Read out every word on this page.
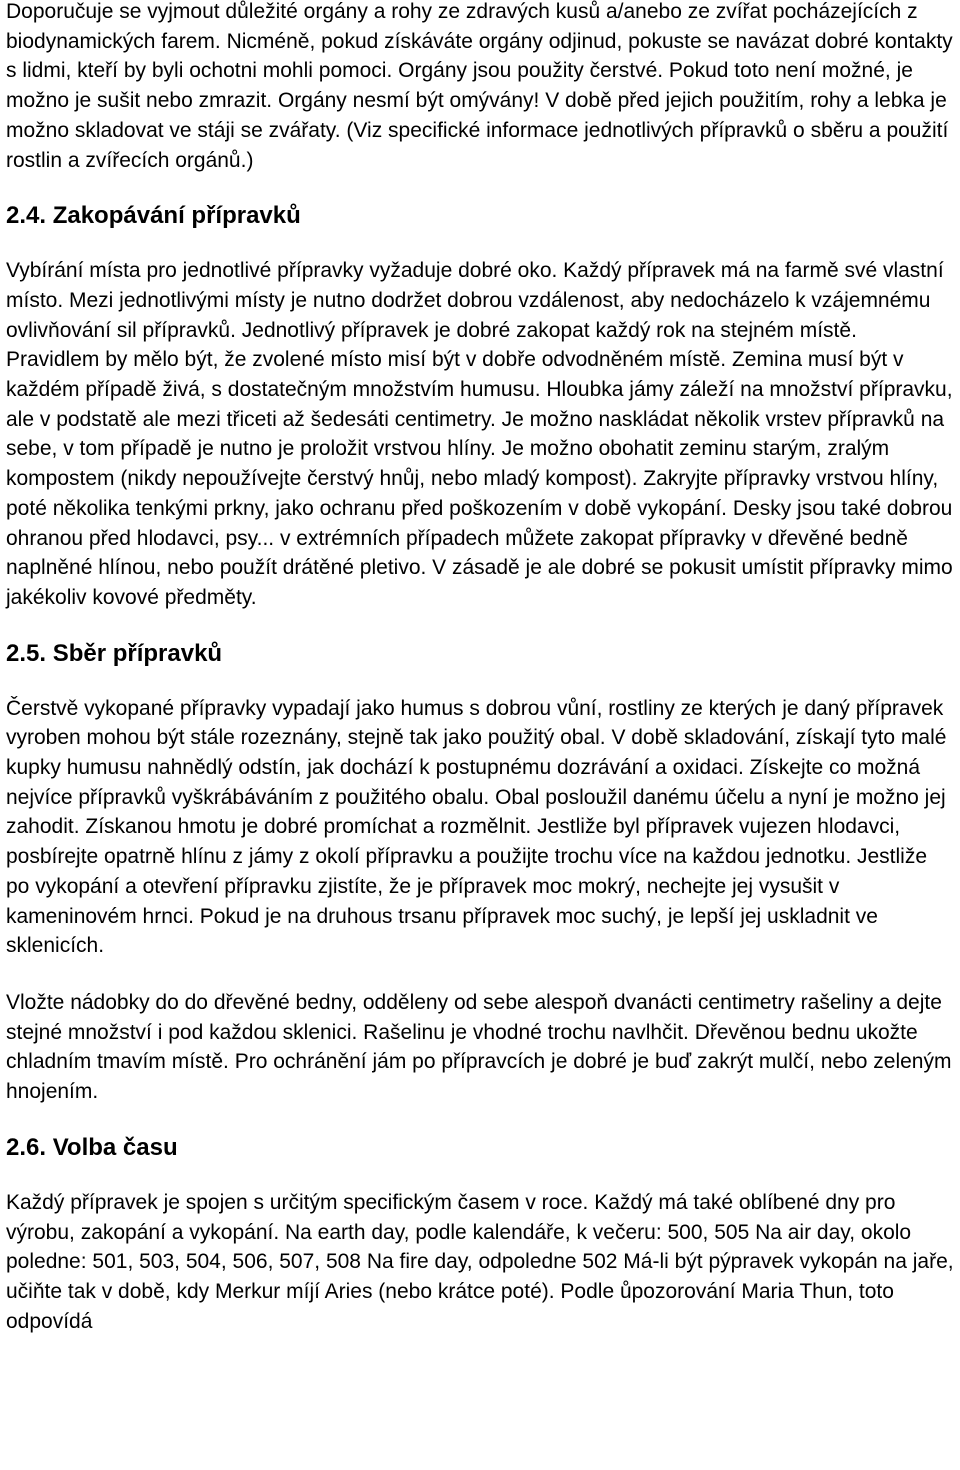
Doporučuje se vyjmout důležité orgány a rohy ze zdravých kusů a/anebo ze zvířat pocházejících z biodynamických farem. Nicméně, pokud získáváte orgány odjinud, pokuste se navázat dobré kontakty s lidmi, kteří by byli ochotni mohli pomoci. Orgány jsou použity čerstvé. Pokud toto není možné, je možno je sušit nebo zmrazit. Orgány nesmí být omývány! V době před jejich použitím, rohy a lebka je možno skladovat ve stáji se zvářaty. (Viz specifické informace jednotlivých přípravků o sběru a použití rostlin a zvířecích orgánů.)

2.4. Zakopávání přípravků

Vybírání místa pro jednotlivé přípravky vyžaduje dobré oko. Každý přípravek má na farmě své vlastní místo. Mezi jednotlivými místy je nutno dodržet dobrou vzdálenost, aby nedocházelo k vzájemnému ovlivňování sil přípravků. Jednotlivý přípravek je dobré zakopat každý rok na stejném místě. Pravidlem by mělo být, že zvolené místo misí být v dobře odvodněném místě. Zemina musí být v každém případě živá, s dostatečným množstvím humusu. Hloubka jámy záleží na množství přípravku, ale v podstatě ale mezi třiceti až šedesáti centimetry. Je možno naskládat několik vrstev přípravků na sebe, v tom případě je nutno je proložit vrstvou hlíny. Je možno obohatit zeminu starým, zralým kompostem (nikdy nepoužívejte čerstvý hnůj, nebo mladý kompost). Zakryjte přípravky vrstvou hlíny, poté několika tenkými prkny, jako ochranu před poškozením v době vykopání. Desky jsou také dobrou ohranou před hlodavci, psy... v extrémních případech můžete zakopat přípravky v dřevěné bedně naplněné hlínou, nebo použít drátěné pletivo. V zásadě je ale dobré se pokusit umístit přípravky mimo jakékoliv kovové předměty.

2.5. Sběr přípravků

Čerstvě vykopané přípravky vypadají jako humus s dobrou vůní, rostliny ze kterých je daný přípravek vyroben mohou být stále rozeznány, stejně tak jako použitý obal. V době skladování, získají tyto malé kupky humusu nahnědlý odstín, jak dochází k postupnému dozrávání a oxidaci. Získejte co možná nejvíce přípravků vyškrábáváním z použitého obalu. Obal posloužil danému účelu a nyní je možno jej zahodit. Získanou hmotu je dobré promíchat a rozmělnit. Jestliže byl přípravek vujezen hlodavci, posbírejte opatrně hlínu z jámy z okolí přípravku a použijte trochu více na každou jednotku. Jestliže po vykopání a otevření přípravku zjistíte, že je přípravek moc mokrý, nechejte jej vysušit v kameninovém hrnci. Pokud je na druhous trsanu přípravek moc suchý, je lepší jej uskladnit ve sklenicích.

Vložte nádobky do do dřevěné bedny, odděleny od sebe alespoň dvanácti centimetry rašeliny a dejte stejné množství i pod každou sklenici. Rašelinu je vhodné trochu navlhčit. Dřevěnou bednu ukožte chladním tmavím místě. Pro ochránění jám po přípravcích je dobré je buď zakrýt mulčí, nebo zeleným hnojením.

2.6. Volba času

Každý přípravek je spojen s určitým specifickým časem v roce. Každý má také oblíbené dny pro výrobu, zakopání a vykopání. Na earth day, podle kalendáře, k večeru: 500, 505 Na air day, okolo poledne: 501, 503, 504, 506, 507, 508 Na fire day, odpoledne 502 Má-li být pýpravek vykopán na jaře, učiňte tak v době, kdy Merkur míjí Aries (nebo krátce poté). Podle ůpozorování Maria Thun, toto odpovídá
